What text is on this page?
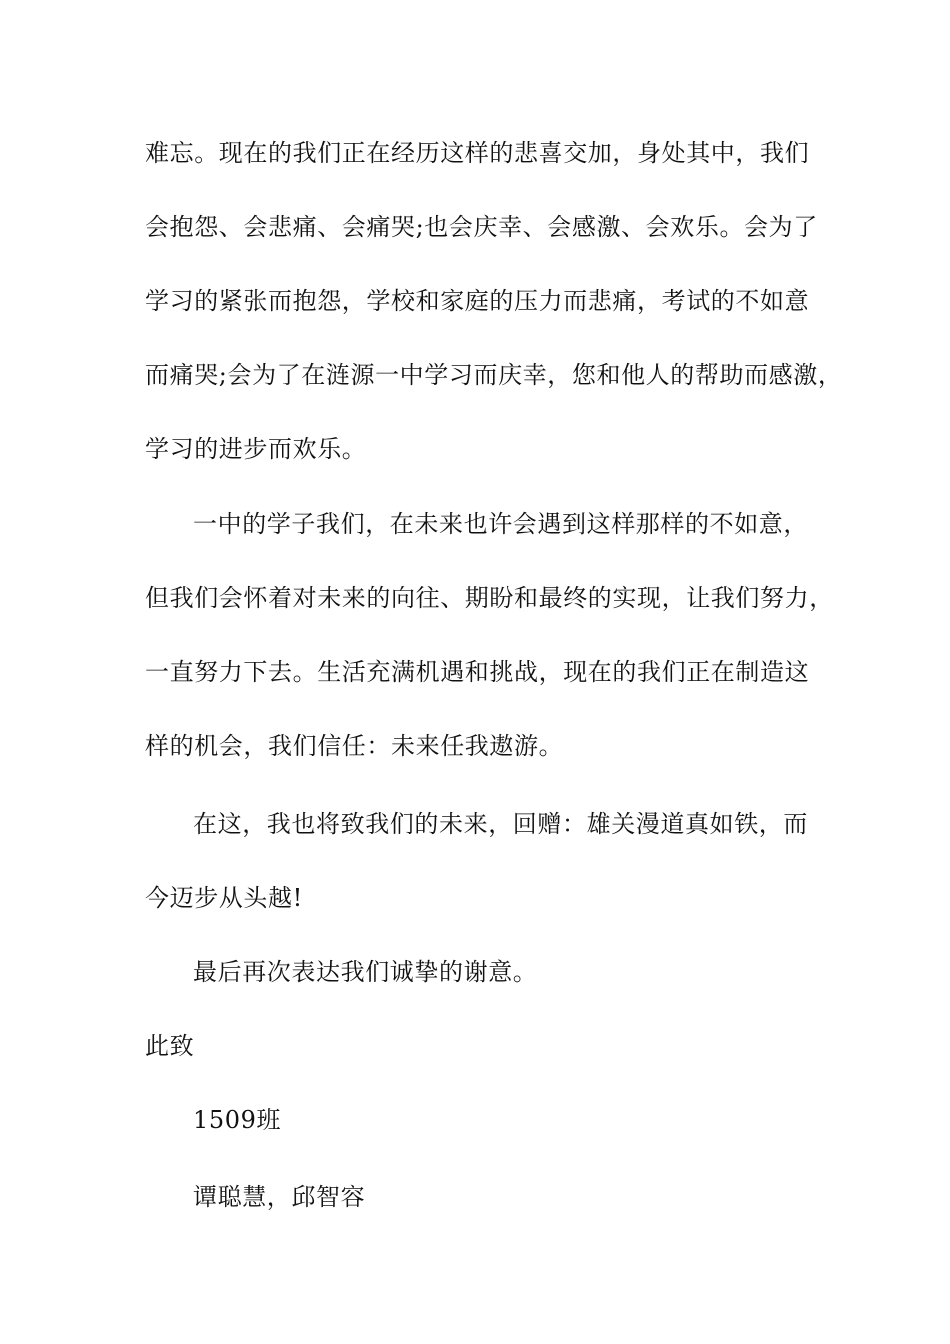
难忘。现在的我们正在经历这样的悲喜交加，身处其中，我们
会抱怨、会悲痛、会痛哭;也会庆幸、会感激、会欢乐。会为了
学习的紧张而抱怨，学校和家庭的压力而悲痛，考试的不如意
而痛哭;会为了在涟源一中学习而庆幸，您和他人的帮助而感激，
学习的进步而欢乐。
一中的学子我们，在未来也许会遇到这样那样的不如意，
但我们会怀着对未来的向往、期盼和最终的实现，让我们努力，
一直努力下去。生活充满机遇和挑战，现在的我们正在制造这
样的机会，我们信任：未来任我遨游。
在这，我也将致我们的未来，回赠：雄关漫道真如铁，而
今迈步从头越!
最后再次表达我们诚挚的谢意。
此致
1509班
谭聪慧，邱智容
